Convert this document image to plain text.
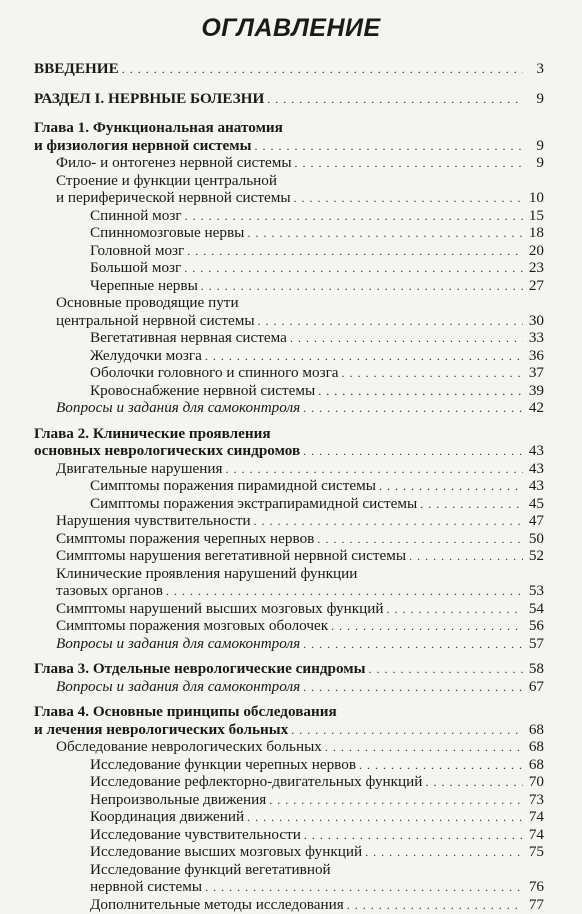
ОГЛАВЛЕНИЕ
ВВЕДЕНИЕ . . .	3
РАЗДЕЛ I. НЕРВНЫЕ БОЛЕЗНИ . . .	9
Глава 1. Функциональная анатомия
и физиология нервной системы . . .	9
Фило- и онтогенез нервной системы . . .	9
Строение и функции центральной
и периферической нервной системы . . .	10
Спинной мозг . . .	15
Спинномозговые нервы . . .	18
Головной мозг . . .	20
Большой мозг . . .	23
Черепные нервы . . .	27
Основные проводящие пути
центральной нервной системы . . .	30
Вегетативная нервная система . . .	33
Желудочки мозга . . .	36
Оболочки головного и спинного мозга . . .	37
Кровоснабжение нервной системы . . .	39
Вопросы и задания для самоконтроля . . .	42
Глава 2. Клинические проявления
основных неврологических синдромов . . .	43
Двигательные нарушения . . .	43
Симптомы поражения пирамидной системы . . .	43
Симптомы поражения экстрапирамидной системы . . .	45
Нарушения чувствительности . . .	47
Симптомы поражения черепных нервов . . .	50
Симптомы нарушения вегетативной нервной системы . . .	52
Клинические проявления нарушений функции
тазовых органов . . .	53
Симптомы нарушений высших мозговых функций . . .	54
Симптомы поражения мозговых оболочек . . .	56
Вопросы и задания для самоконтроля . . .	57
Глава 3. Отдельные неврологические синдромы . . .	58
Вопросы и задания для самоконтроля . . .	67
Глава 4. Основные принципы обследования
и лечения неврологических больных . . .	68
Обследование неврологических больных . . .	68
Исследование функции черепных нервов . . .	68
Исследование рефлекторно-двигательных функций . . .	70
Непроизвольные движения . . .	73
Координация движений . . .	74
Исследование чувствительности . . .	74
Исследование высших мозговых функций . . .	75
Исследование функций вегетативной
нервной системы . . .	76
Дополнительные методы исследования . . .	77
